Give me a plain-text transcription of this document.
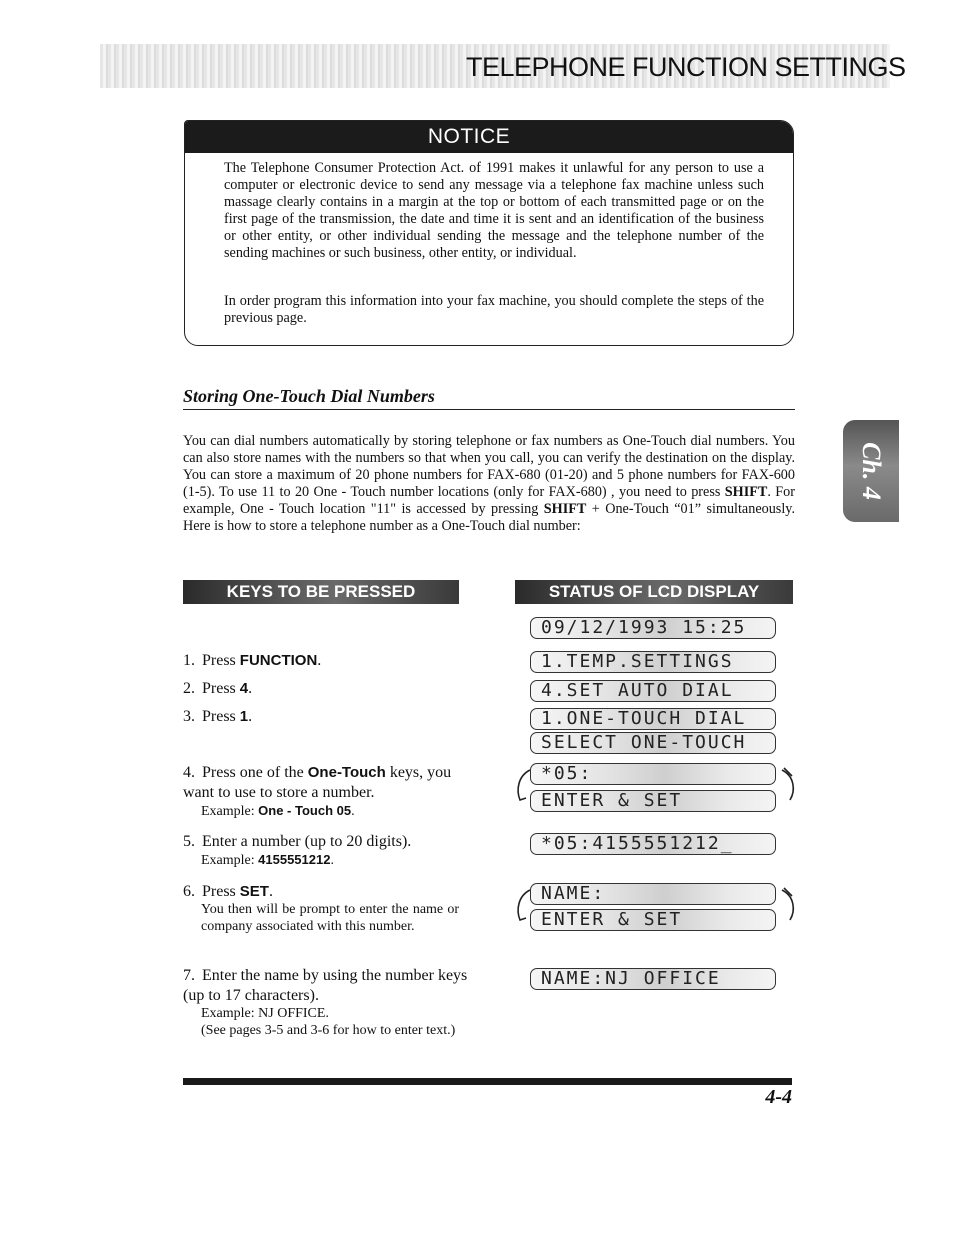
TELEPHONE FUNCTION SETTINGS
NOTICE
The Telephone Consumer Protection Act. of 1991 makes it unlawful for any person to use a computer or electronic device to send any message via a telephone fax machine unless such massage clearly contains in a margin at the top or bottom of each transmitted page or on the first page of the transmission, the date and time it is sent and an identification of the business or other entity, or other individual sending the message and the telephone number of the sending machines or such business, other entity, or individual.
In order program this information into your fax machine, you should complete the steps of the previous page.
Storing One-Touch Dial Numbers
You can dial numbers automatically by storing telephone or fax numbers as One-Touch dial numbers. You can also store names with the numbers so that when you call, you can verify the destination on the display. You can store a maximum of 20 phone numbers for FAX-680 (01-20) and 5 phone numbers for FAX-600 (1-5). To use 11 to 20 One - Touch number locations (only for FAX-680) , you need to press SHIFT. For example, One - Touch location "11" is accessed by pressing SHIFT + One-Touch “01” simultaneously. Here is how to store a telephone number as a One-Touch dial number:
KEYS TO BE PRESSED	STATUS OF LCD DISPLAY
1. Press FUNCTION.
2. Press 4.
3. Press 1.
4. Press one of the One-Touch keys, you want to use to store a number.
Example: One - Touch 05.
5. Enter a number (up to 20 digits).
Example: 4155551212.
6. Press SET.
You then will be prompt to enter the name or company associated with this number.
7. Enter the name by using the number keys (up to 17 characters).
Example: NJ OFFICE.
(See pages 3-5 and 3-6 for how to enter text.)
09/12/1993 15:25
1.TEMP.SETTINGS
4.SET AUTO DIAL
1.ONE-TOUCH DIAL
SELECT ONE-TOUCH
*05:
ENTER & SET
*05:4155551212_
NAME:
ENTER & SET
NAME:NJ OFFICE
Ch. 4
4-4
